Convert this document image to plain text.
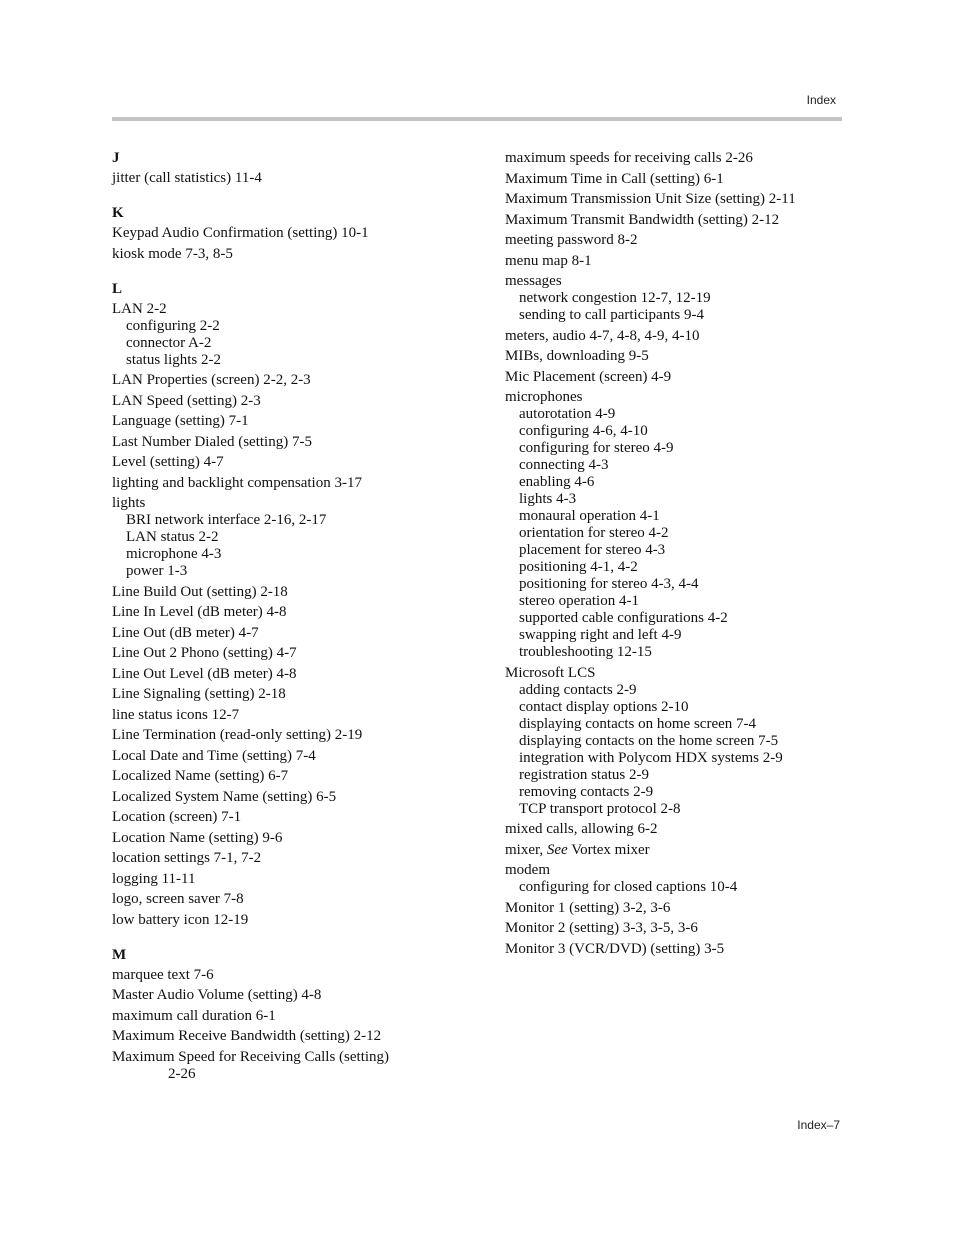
Index
J
jitter (call statistics) 11-4
K
Keypad Audio Confirmation (setting) 10-1
kiosk mode 7-3, 8-5
L
LAN 2-2
configuring 2-2
connector A-2
status lights 2-2
LAN Properties (screen) 2-2, 2-3
LAN Speed (setting) 2-3
Language (setting) 7-1
Last Number Dialed (setting) 7-5
Level (setting) 4-7
lighting and backlight compensation 3-17
lights
BRI network interface 2-16, 2-17
LAN status 2-2
microphone 4-3
power 1-3
Line Build Out (setting) 2-18
Line In Level (dB meter) 4-8
Line Out (dB meter) 4-7
Line Out 2 Phono (setting) 4-7
Line Out Level (dB meter) 4-8
Line Signaling (setting) 2-18
line status icons 12-7
Line Termination (read-only setting) 2-19
Local Date and Time (setting) 7-4
Localized Name (setting) 6-7
Localized System Name (setting) 6-5
Location (screen) 7-1
Location Name (setting) 9-6
location settings 7-1, 7-2
logging 11-11
logo, screen saver 7-8
low battery icon 12-19
M
marquee text 7-6
Master Audio Volume (setting) 4-8
maximum call duration 6-1
Maximum Receive Bandwidth (setting) 2-12
Maximum Speed for Receiving Calls (setting)
2-26
maximum speeds for receiving calls 2-26
Maximum Time in Call (setting) 6-1
Maximum Transmission Unit Size (setting) 2-11
Maximum Transmit Bandwidth (setting) 2-12
meeting password 8-2
menu map 8-1
messages
network congestion 12-7, 12-19
sending to call participants 9-4
meters, audio 4-7, 4-8, 4-9, 4-10
MIBs, downloading 9-5
Mic Placement (screen) 4-9
microphones
autorotation 4-9
configuring 4-6, 4-10
configuring for stereo 4-9
connecting 4-3
enabling 4-6
lights 4-3
monaural operation 4-1
orientation for stereo 4-2
placement for stereo 4-3
positioning 4-1, 4-2
positioning for stereo 4-3, 4-4
stereo operation 4-1
supported cable configurations 4-2
swapping right and left 4-9
troubleshooting 12-15
Microsoft LCS
adding contacts 2-9
contact display options 2-10
displaying contacts on home screen 7-4
displaying contacts on the home screen 7-5
integration with Polycom HDX systems 2-9
registration status 2-9
removing contacts 2-9
TCP transport protocol 2-8
mixed calls, allowing 6-2
mixer, See Vortex mixer
modem
configuring for closed captions 10-4
Monitor 1 (setting) 3-2, 3-6
Monitor 2 (setting) 3-3, 3-5, 3-6
Monitor 3 (VCR/DVD) (setting) 3-5
Index–7
